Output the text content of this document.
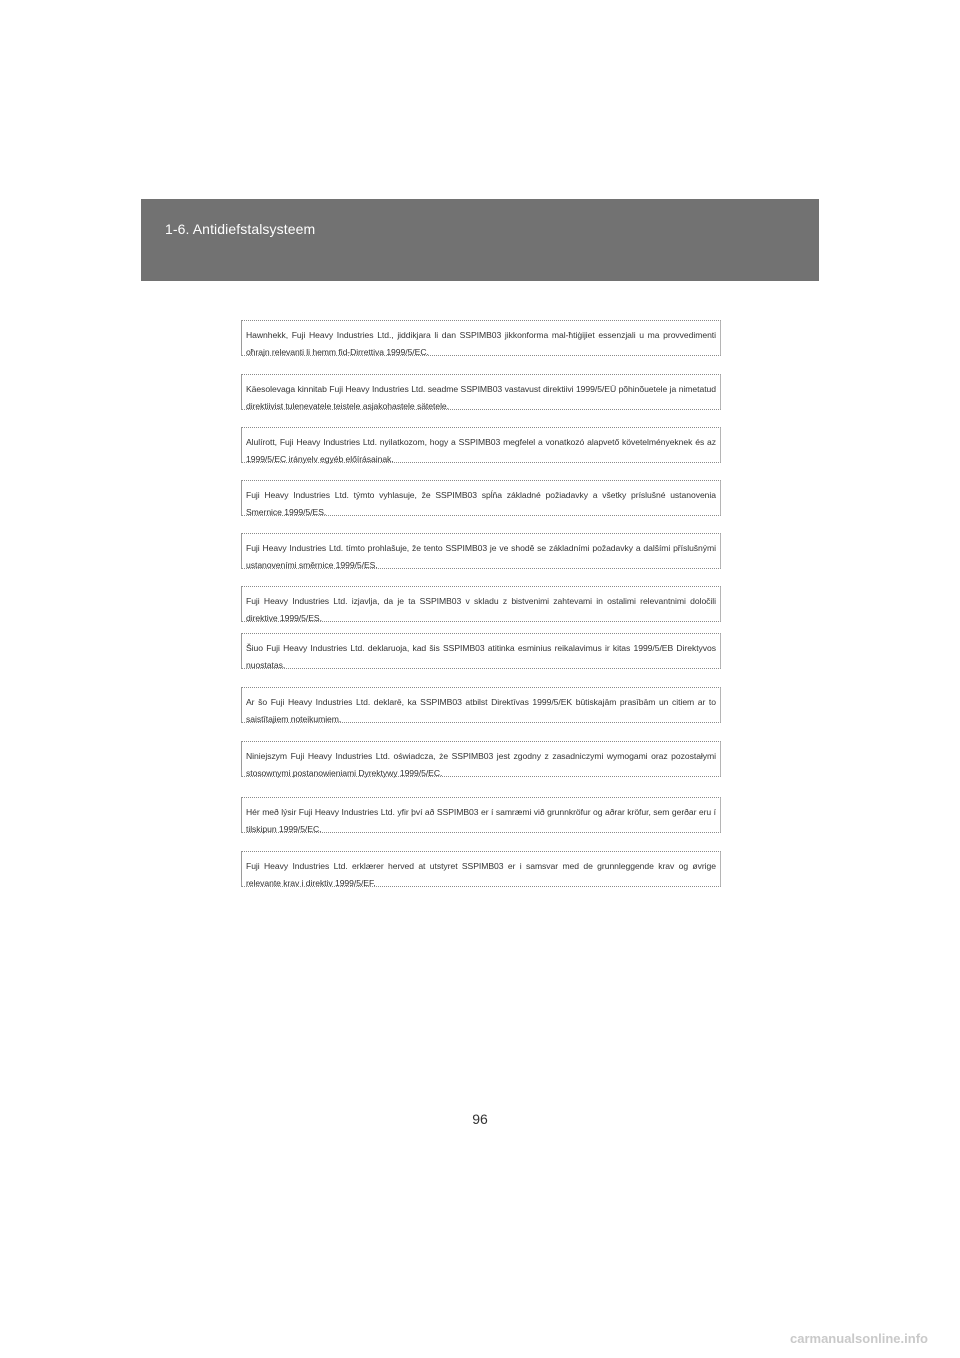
1-6. Antidiefstalsysteem
Hawnhekk, Fuji Heavy Industries Ltd., jiddikjara li dan SSPIMB03 jikkonforma mal-ħtiġijiet essenzjali u ma provvedimenti oħrajn relevanti li hemm fid-Dirrettiva 1999/5/EC.
Käesolevaga kinnitab Fuji Heavy Industries Ltd. seadme SSPIMB03 vastavust direktiivi 1999/5/EÜ põhinõuetele ja nimetatud direktiivist tulenevatele teistele asjakohastele sätetele.
Alulírott, Fuji Heavy Industries Ltd. nyilatkozom, hogy a SSPIMB03 megfelel a vonatkozó alapvető követelményeknek és az 1999/5/EC irányelv egyéb előírásainak.
Fuji Heavy Industries Ltd. týmto vyhlasuje, že SSPIMB03 spĺňa základné požiadavky a všetky príslušné ustanovenia Smernice 1999/5/ES.
Fuji Heavy Industries Ltd. tímto prohlašuje, že tento SSPIMB03 je ve shodě se základními požadavky a dalšími příslušnými ustanoveními směrnice 1999/5/ES.
Fuji Heavy Industries Ltd. izjavlja, da je ta SSPIMB03 v skladu z bistvenimi zahtevami in ostalimi relevantnimi določili direktive 1999/5/ES.
Šiuo Fuji Heavy Industries Ltd. deklaruoja, kad šis SSPIMB03 atitinka esminius reikalavimus ir kitas 1999/5/EB Direktyvos nuostatas.
Ar šo Fuji Heavy Industries Ltd. deklarē, ka SSPIMB03 atbilst Direktīvas 1999/5/EK būtiskajām prasībām un citiem ar to saistītajiem noteikumiem.
Niniejszym Fuji Heavy Industries Ltd. oświadcza, że SSPIMB03 jest zgodny z zasadniczymi wymogami oraz pozostałymi stosownymi postanowieniami Dyrektywy 1999/5/EC.
Hér með lýsir Fuji Heavy Industries Ltd. yfir því að SSPIMB03 er í samræmi við grunnkröfur og aðrar kröfur, sem gerðar eru í tilskipun 1999/5/EC.
Fuji Heavy Industries Ltd. erklærer herved at utstyret SSPIMB03 er i samsvar med de grunnleggende krav og øvrige relevante krav i direktiv 1999/5/EF.
96
carmanualsonline.info
